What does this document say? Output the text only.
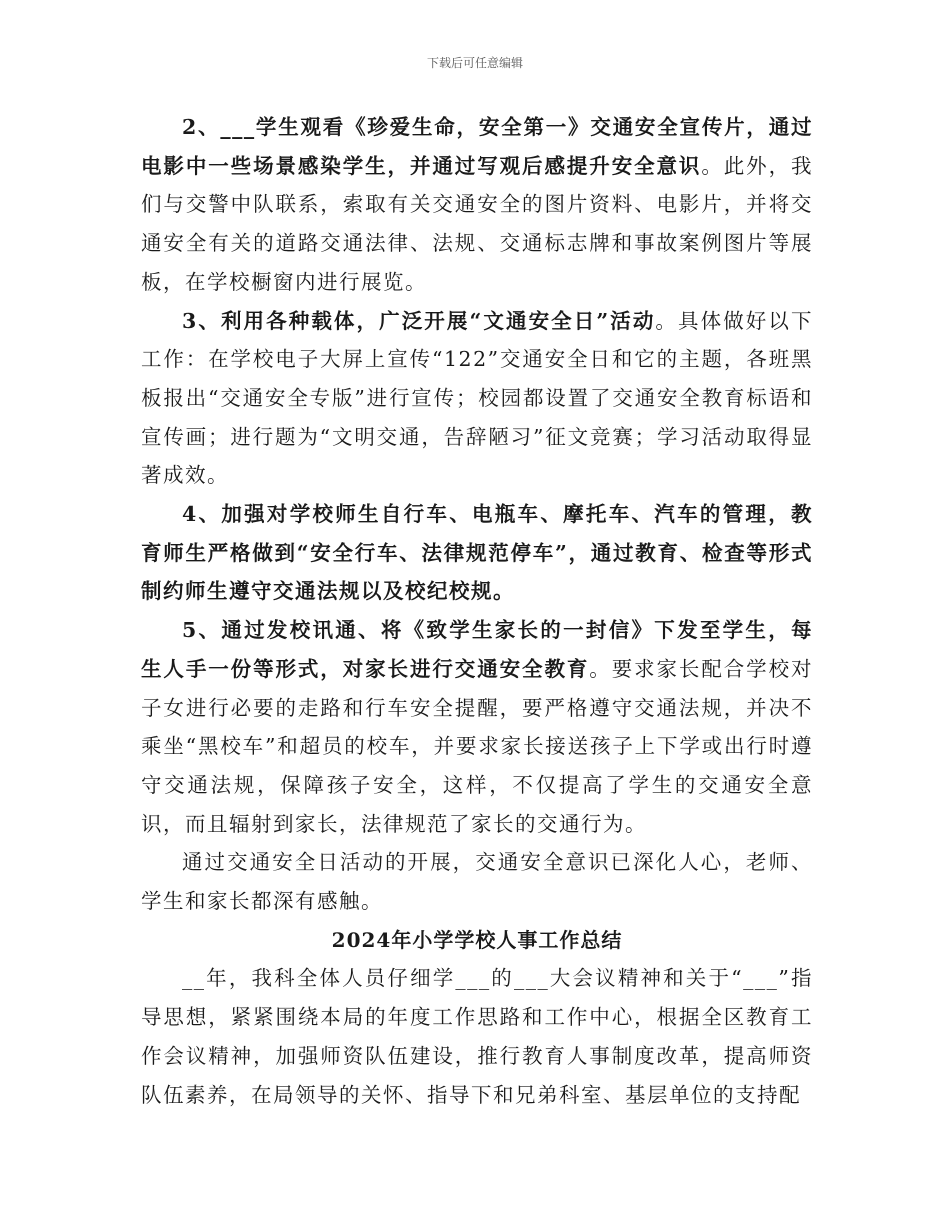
下载后可任意编辑

2、___学生观看《珍爱生命，安全第一》交通安全宣传片，通过电影中一些场景感染学生，并通过写观后感提升安全意识。此外，我们与交警中队联系，索取有关交通安全的图片资料、电影片，并将交通安全有关的道路交通法律、法规、交通标志牌和事故案例图片等展板，在学校橱窗内进行展览。

3、利用各种载体，广泛开展“文通安全日”活动。具体做好以下工作：在学校电子大屏上宣传“122”交通安全日和它的主题，各班黑板报出“交通安全专版”进行宣传；校园都设置了交通安全教育标语和宣传画；进行题为“文明交通，告辞陋习”征文竞赛；学习活动取得显著成效。

4、加强对学校师生自行车、电瓶车、摩托车、汽车的管理，教育师生严格做到“安全行车、法律规范停车”，通过教育、检查等形式制约师生遵守交通法规以及校纪校规。

5、通过发校讯通、将《致学生家长的一封信》下发至学生，每生人手一份等形式，对家长进行交通安全教育。要求家长配合学校对子女进行必要的走路和行车安全提醒，要严格遵守交通法规，并决不乘坐“黑校车”和超员的校车，并要求家长接送孩子上下学或出行时遵守交通法规，保障孩子安全，这样，不仅提高了学生的交通安全意识，而且辐射到家长，法律规范了家长的交通行为。

通过交通安全日活动的开展，交通安全意识已深化人心，老师、学生和家长都深有感触。

2024年小学学校人事工作总结

__年，我科全体人员仔细学___的___大会议精神和关于“___”指导思想，紧紧围绕本局的年度工作思路和工作中心，根据全区教育工作会议精神，加强师资队伍建设，推行教育人事制度改革，提高师资队伍素养，在局领导的关怀、指导下和兄弟科室、基层单位的支持配
